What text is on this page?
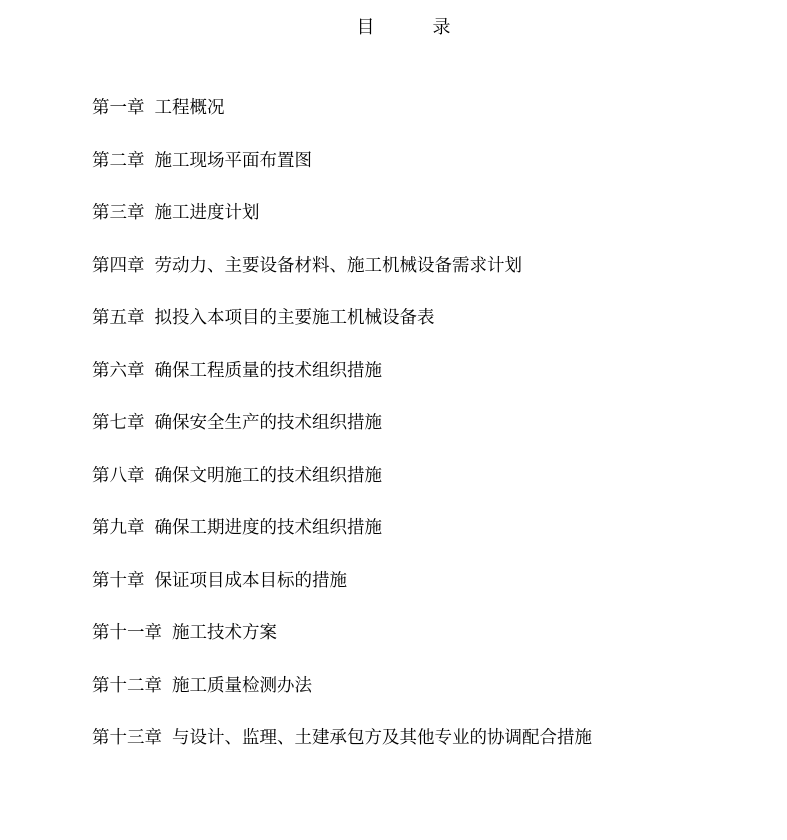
目	录
第一章 工程概况
第二章 施工现场平面布置图
第三章 施工进度计划
第四章 劳动力、主要设备材料、施工机械设备需求计划
第五章 拟投入本项目的主要施工机械设备表
第六章 确保工程质量的技术组织措施
第七章 确保安全生产的技术组织措施
第八章 确保文明施工的技术组织措施
第九章 确保工期进度的技术组织措施
第十章 保证项目成本目标的措施
第十一章 施工技术方案
第十二章 施工质量检测办法
第十三章 与设计、监理、土建承包方及其他专业的协调配合措施
